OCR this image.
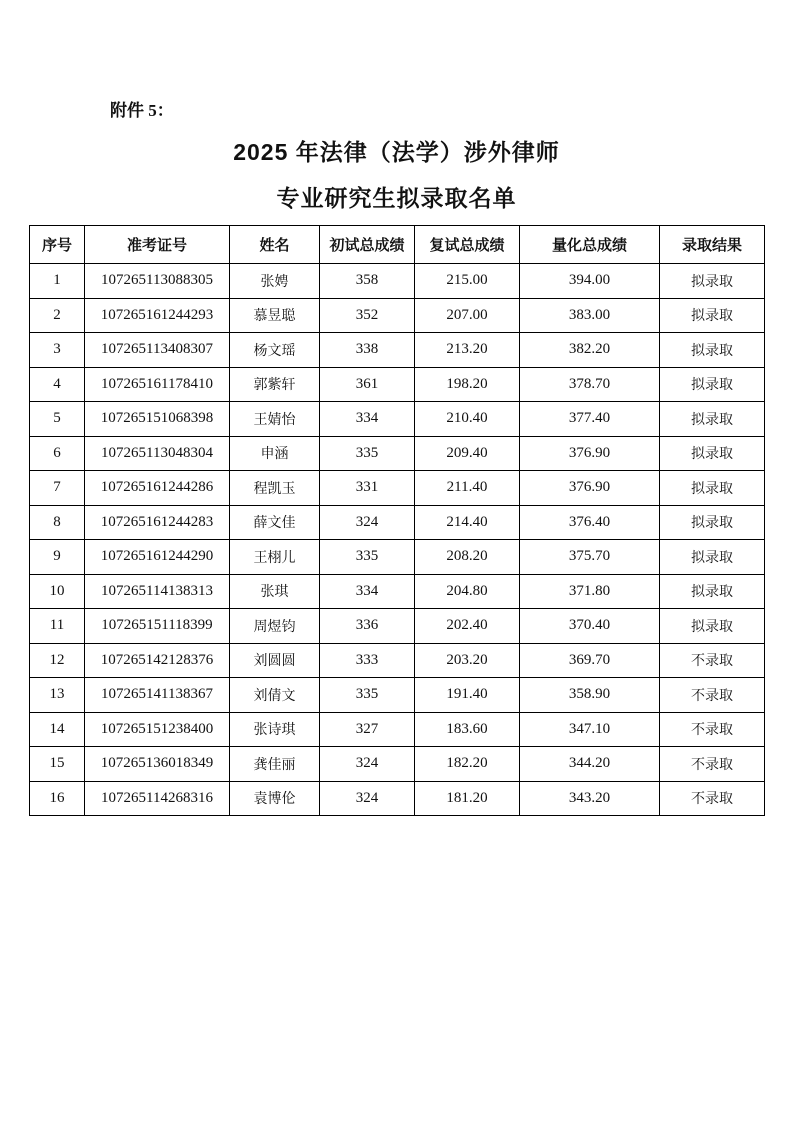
附件 5：
2025 年法律（法学）涉外律师
专业研究生拟录取名单
序号	准考证号	姓名	初试总成绩	复试总成绩	量化总成绩	录取结果
1	107265113088305	张娉	358	215.00	394.00	拟录取
2	107265161244293	慕昱聪	352	207.00	383.00	拟录取
3	107265113408307	杨文瑶	338	213.20	382.20	拟录取
4	107265161178410	郭紫轩	361	198.20	378.70	拟录取
5	107265151068398	王婧怡	334	210.40	377.40	拟录取
6	107265113048304	申涵	335	209.40	376.90	拟录取
7	107265161244286	程凯玉	331	211.40	376.90	拟录取
8	107265161244283	薛文佳	324	214.40	376.40	拟录取
9	107265161244290	王栩儿	335	208.20	375.70	拟录取
10	107265114138313	张琪	334	204.80	371.80	拟录取
11	107265151118399	周煜钧	336	202.40	370.40	拟录取
12	107265142128376	刘圆圆	333	203.20	369.70	不录取
13	107265141138367	刘倩文	335	191.40	358.90	不录取
14	107265151238400	张诗琪	327	183.60	347.10	不录取
15	107265136018349	龚佳丽	324	182.20	344.20	不录取
16	107265114268316	袁博伦	324	181.20	343.20	不录取
